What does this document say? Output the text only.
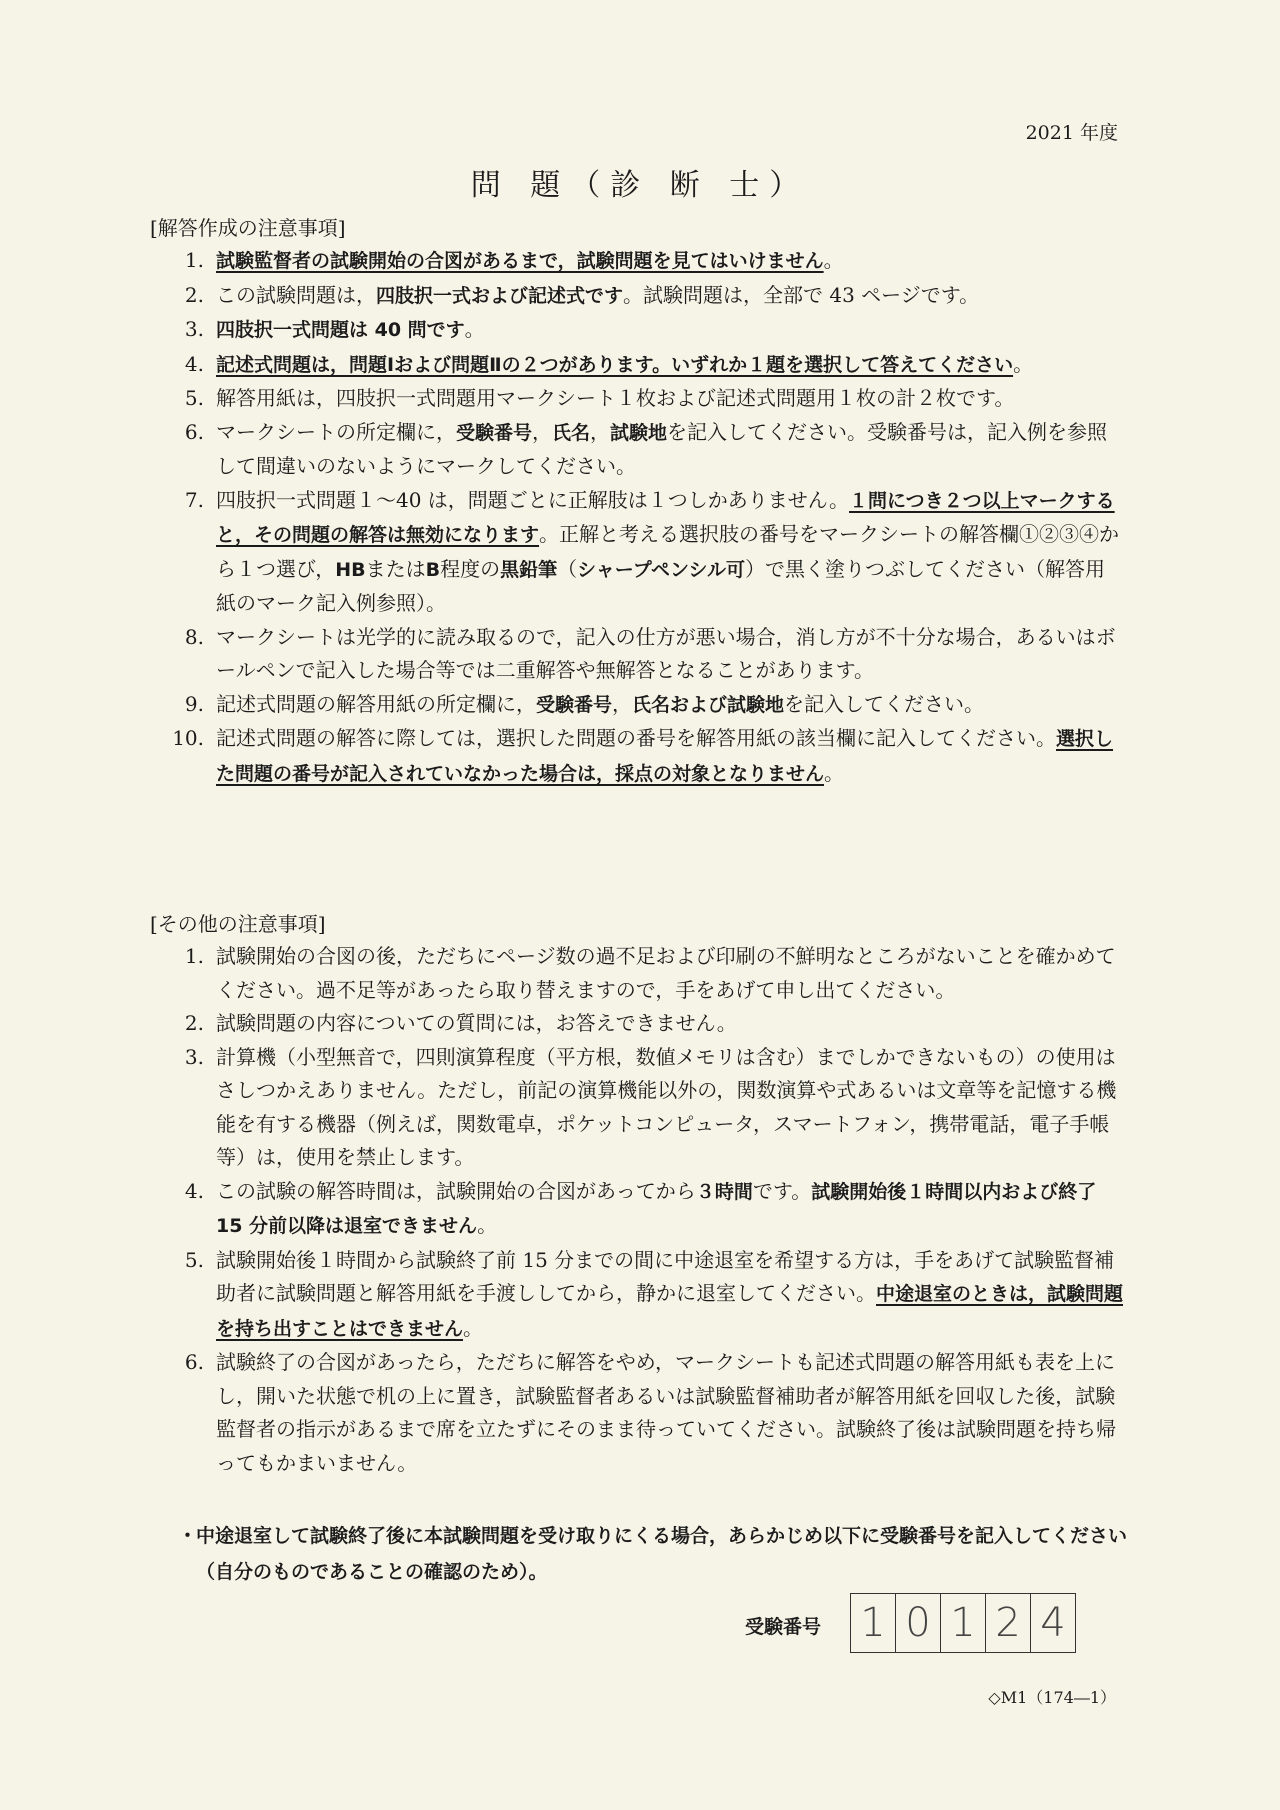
2021 年度
問 題（診 断 士）
[解答作成の注意事項]
1. 試験監督者の試験開始の合図があるまで，試験問題を見てはいけません。
2. この試験問題は，四肢択一式および記述式です。試験問題は，全部で 43 ページです。
3. 四肢択一式問題は 40 問です。
4. 記述式問題は，問題Ⅰおよび問題Ⅱの２つがあります。いずれか１題を選択して答えてください。
5. 解答用紙は，四肢択一式問題用マークシート１枚および記述式問題用１枚の計２枚です。
6. マークシートの所定欄に，受験番号，氏名，試験地を記入してください。受験番号は，記入例を参照して間違いのないようにマークしてください。
7. 四肢択一式問題１～40 は，問題ごとに正解肢は１つしかありません。１問につき２つ以上マークすると，その問題の解答は無効になります。正解と考える選択肢の番号をマークシートの解答欄①②③④から１つ選び，HBまたはB程度の黒鉛筆（シャープペンシル可）で黒く塗りつぶしてください（解答用紙のマーク記入例参照）。
8. マークシートは光学的に読み取るので，記入の仕方が悪い場合，消し方が不十分な場合，あるいはボールペンで記入した場合等では二重解答や無解答となることがあります。
9. 記述式問題の解答用紙の所定欄に，受験番号，氏名および試験地を記入してください。
10. 記述式問題の解答に際しては，選択した問題の番号を解答用紙の該当欄に記入してください。選択した問題の番号が記入されていなかった場合は，採点の対象となりません。
[その他の注意事項]
1. 試験開始の合図の後，ただちにページ数の過不足および印刷の不鮮明なところがないことを確かめてください。過不足等があったら取り替えますので，手をあげて申し出てください。
2. 試験問題の内容についての質問には，お答えできません。
3. 計算機（小型無音で，四則演算程度（平方根，数値メモリは含む）までしかできないもの）の使用はさしつかえありません。ただし，前記の演算機能以外の，関数演算や式あるいは文章等を記憶する機能を有する機器（例えば，関数電卓，ポケットコンピュータ，スマートフォン，携帯電話，電子手帳等）は，使用を禁止します。
4. この試験の解答時間は，試験開始の合図があってから３時間です。試験開始後１時間以内および終了 15 分前以降は退室できません。
5. 試験開始後１時間から試験終了前 15 分までの間に中途退室を希望する方は，手をあげて試験監督補助者に試験問題と解答用紙を手渡ししてから，静かに退室してください。中途退室のときは，試験問題を持ち出すことはできません。
6. 試験終了の合図があったら，ただちに解答をやめ，マークシートも記述式問題の解答用紙も表を上にし，開いた状態で机の上に置き，試験監督者あるいは試験監督補助者が解答用紙を回収した後，試験監督者の指示があるまで席を立たずにそのまま待っていてください。試験終了後は試験問題を持ち帰ってもかまいません。
・
中途退室して試験終了後に本試験問題を受け取りにくる場合，あらかじめ以下に受験番号を記入してください（自分のものであることの確認のため）。
受験番号 1 0 1 2 4
◇M1（174―1）
